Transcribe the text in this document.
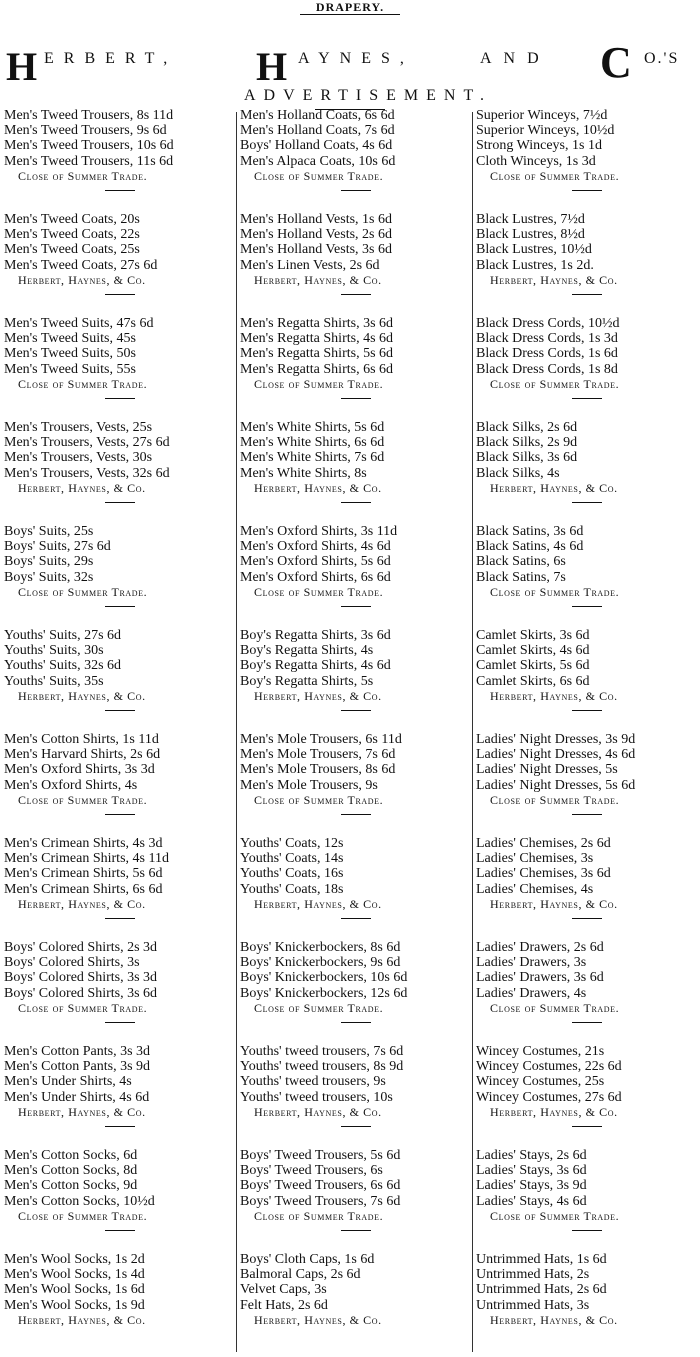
DRAPERY.
H ERBERT, H AYNES,	AND C O.'S
ADVERTISEMENT.
Men's Tweed Trousers, 8s 11d
Men's Tweed Trousers, 9s 6d
Men's Tweed Trousers, 10s 6d
Men's Tweed Trousers, 11s 6d
Close of Summer Trade.
Men's Tweed Coats, 20s
Men's Tweed Coats, 22s
Men's Tweed Coats, 25s
Men's Tweed Coats, 27s 6d
Herbert, Haynes, & Co.
Men's Tweed Suits, 47s 6d
Men's Tweed Suits, 45s
Men's Tweed Suits, 50s
Men's Tweed Suits, 55s
Close of Summer Trade.
Men's Trousers, Vests, 25s
Men's Trousers, Vests, 27s 6d
Men's Trousers, Vests, 30s
Men's Trousers, Vests, 32s 6d
Herbert, Haynes, & Co.
Boys' Suits, 25s
Boys' Suits, 27s 6d
Boys' Suits, 29s
Boys' Suits, 32s
Close of Summer Trade.
Youths' Suits, 27s 6d
Youths' Suits, 30s
Youths' Suits, 32s 6d
Youths' Suits, 35s
Herbert, Haynes, & Co.
Men's Cotton Shirts, 1s 11d
Men's Harvard Shirts, 2s 6d
Men's Oxford Shirts, 3s 3d
Men's Oxford Shirts, 4s
Close of Summer Trade.
Men's Crimean Shirts, 4s 3d
Men's Crimean Shirts, 4s 11d
Men's Crimean Shirts, 5s 6d
Men's Crimean Shirts, 6s 6d
Herbert, Haynes, & Co.
Boys' Colored Shirts, 2s 3d
Boys' Colored Shirts, 3s
Boys' Colored Shirts, 3s 3d
Boys' Colored Shirts, 3s 6d
Close of Summer Trade.
Men's Cotton Pants, 3s 3d
Men's Cotton Pants, 3s 9d
Men's Under Shirts, 4s
Men's Under Shirts, 4s 6d
Herbert, Haynes, & Co.
Men's Cotton Socks, 6d
Men's Cotton Socks, 8d
Men's Cotton Socks, 9d
Men's Cotton Socks, 10½d
Close of Summer Trade.
Men's Wool Socks, 1s 2d
Men's Wool Socks, 1s 4d
Men's Wool Socks, 1s 6d
Men's Wool Socks, 1s 9d
Herbert, Haynes, & Co.
Men's Holland Coats, 6s 6d
Men's Holland Coats, 7s 6d
Boys' Holland Coats, 4s 6d
Men's Alpaca Coats, 10s 6d
Close of Summer Trade.
Men's Holland Vests, 1s 6d
Men's Holland Vests, 2s 6d
Men's Holland Vests, 3s 6d
Men's Linen Vests, 2s 6d
Herbert, Haynes, & Co.
Men's Regatta Shirts, 3s 6d
Men's Regatta Shirts, 4s 6d
Men's Regatta Shirts, 5s 6d
Men's Regatta Shirts, 6s 6d
Close of Summer Trade.
Men's White Shirts, 5s 6d
Men's White Shirts, 6s 6d
Men's White Shirts, 7s 6d
Men's White Shirts, 8s
Herbert, Haynes, & Co.
Men's Oxford Shirts, 3s 11d
Men's Oxford Shirts, 4s 6d
Men's Oxford Shirts, 5s 6d
Men's Oxford Shirts, 6s 6d
Close of Summer Trade.
Boy's Regatta Shirts, 3s 6d
Boy's Regatta Shirts, 4s
Boy's Regatta Shirts, 4s 6d
Boy's Regatta Shirts, 5s
Herbert, Haynes, & Co.
Men's Mole Trousers, 6s 11d
Men's Mole Trousers, 7s 6d
Men's Mole Trousers, 8s 6d
Men's Mole Trousers, 9s
Close of Summer Trade.
Youths' Coats, 12s
Youths' Coats, 14s
Youths' Coats, 16s
Youths' Coats, 18s
Herbert, Haynes, & Co.
Boys' Knickerbockers, 8s 6d
Boys' Knickerbockers, 9s 6d
Boys' Knickerbockers, 10s 6d
Boys' Knickerbockers, 12s 6d
Close of Summer Trade.
Youths' tweed trousers, 7s 6d
Youths' tweed trousers, 8s 9d
Youths' tweed trousers, 9s
Youths' tweed trousers, 10s
Herbert, Haynes, & Co.
Boys' Tweed Trousers, 5s 6d
Boys' Tweed Trousers, 6s
Boys' Tweed Trousers, 6s 6d
Boys' Tweed Trousers, 7s 6d
Close of Summer Trade.
Boys' Cloth Caps, 1s 6d
Balmoral Caps, 2s 6d
Velvet Caps, 3s
Felt Hats, 2s 6d
Herbert, Haynes, & Co.
Superior Winceys, 7½d
Superior Winceys, 10½d
Strong Winceys, 1s 1d
Cloth Winceys, 1s 3d
Close of Summer Trade.
Black Lustres, 7½d
Black Lustres, 8½d
Black Lustres, 10½d
Black Lustres, 1s 2d.
Herbert, Haynes, & Co.
Black Dress Cords, 10½d
Black Dress Cords, 1s 3d
Black Dress Cords, 1s 6d
Black Dress Cords, 1s 8d
Close of Summer Trade.
Black Silks, 2s 6d
Black Silks, 2s 9d
Black Silks, 3s 6d
Black Silks, 4s
Herbert, Haynes, & Co.
Black Satins, 3s 6d
Black Satins, 4s 6d
Black Satins, 6s
Black Satins, 7s
Close of Summer Trade.
Camlet Skirts, 3s 6d
Camlet Skirts, 4s 6d
Camlet Skirts, 5s 6d
Camlet Skirts, 6s 6d
Herbert, Haynes, & Co.
Ladies' Night Dresses, 3s 9d
Ladies' Night Dresses, 4s 6d
Ladies' Night Dresses, 5s
Ladies' Night Dresses, 5s 6d
Close of Summer Trade.
Ladies' Chemises, 2s 6d
Ladies' Chemises, 3s
Ladies' Chemises, 3s 6d
Ladies' Chemises, 4s
Herbert, Haynes, & Co.
Ladies' Drawers, 2s 6d
Ladies' Drawers, 3s
Ladies' Drawers, 3s 6d
Ladies' Drawers, 4s
Close of Summer Trade.
Wincey Costumes, 21s
Wincey Costumes, 22s 6d
Wincey Costumes, 25s
Wincey Costumes, 27s 6d
Herbert, Haynes, & Co.
Ladies' Stays, 2s 6d
Ladies' Stays, 3s 6d
Ladies' Stays, 3s 9d
Ladies' Stays, 4s 6d
Close of Summer Trade.
Untrimmed Hats, 1s 6d
Untrimmed Hats, 2s
Untrimmed Hats, 2s 6d
Untrimmed Hats, 3s
Herbert, Haynes, & Co.
